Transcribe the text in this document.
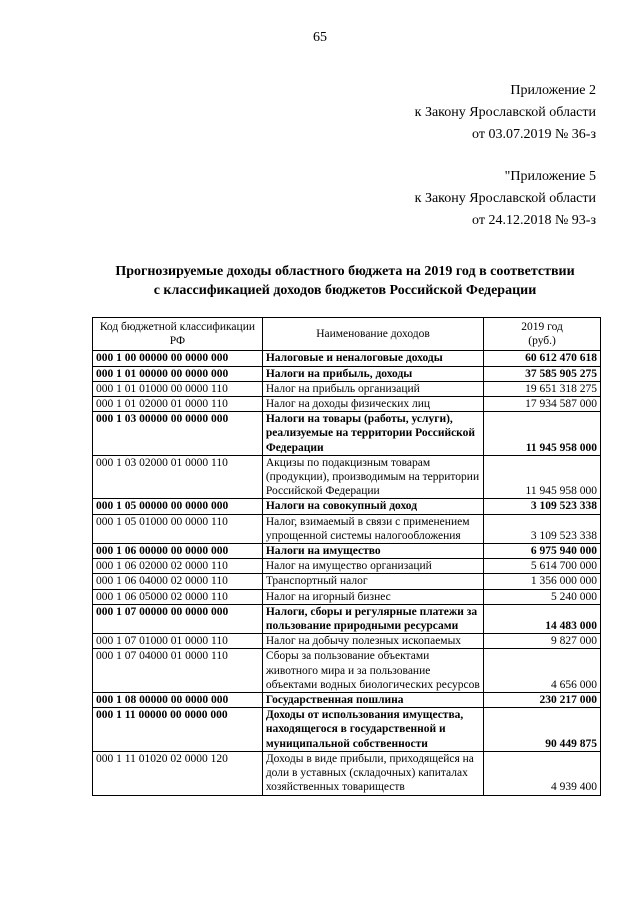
65
Приложение 2
к Закону Ярославской области
от 03.07.2019 № 36-з
"Приложение 5
к Закону Ярославской области
от 24.12.2018 № 93-з
Прогнозируемые доходы областного бюджета на 2019 год в соответствии
с классификацией доходов бюджетов Российской Федерации
Код бюджетной классификации РФ	Наименование доходов	2019 год
(руб.)

000 1 00 00000 00 0000 000	Налоговые и неналоговые доходы	60 612 470 618
000 1 01 00000 00 0000 000	Налоги на прибыль, доходы	37 585 905 275
000 1 01 01000 00 0000 110	Налог на прибыль организаций	19 651 318 275
000 1 01 02000 01 0000 110	Налог на доходы физических лиц	17 934 587 000
000 1 03 00000 00 0000 000	Налоги на товары (работы, услуги), реализуемые на территории Российской Федерации	11 945 958 000
000 1 03 02000 01 0000 110	Акцизы по подакцизным товарам (продукции), производимым на территории Российской Федерации	11 945 958 000
000 1 05 00000 00 0000 000	Налоги на совокупный доход	3 109 523 338
000 1 05 01000 00 0000 110	Налог, взимаемый в связи с применением упрощенной системы налогообложения	3 109 523 338
000 1 06 00000 00 0000 000	Налоги на имущество	6 975 940 000
000 1 06 02000 02 0000 110	Налог на имущество организаций	5 614 700 000
000 1 06 04000 02 0000 110	Транспортный налог	1 356 000 000
000 1 06 05000 02 0000 110	Налог на игорный бизнес	5 240 000
000 1 07 00000 00 0000 000	Налоги, сборы и регулярные платежи за пользование природными ресурсами	14 483 000
000 1 07 01000 01 0000 110	Налог на добычу полезных ископаемых	9 827 000
000 1 07 04000 01 0000 110	Сборы за пользование объектами животного мира и за пользование объектами водных биологических ресурсов	4 656 000
000 1 08 00000 00 0000 000	Государственная пошлина	230 217 000
000 1 11 00000 00 0000 000	Доходы от использования имущества, находящегося в государственной и муниципальной собственности	90 449 875
000 1 11 01020 02 0000 120	Доходы в виде прибыли, приходящейся на доли в уставных (складочных) капиталах хозяйственных товариществ	4 939 400
